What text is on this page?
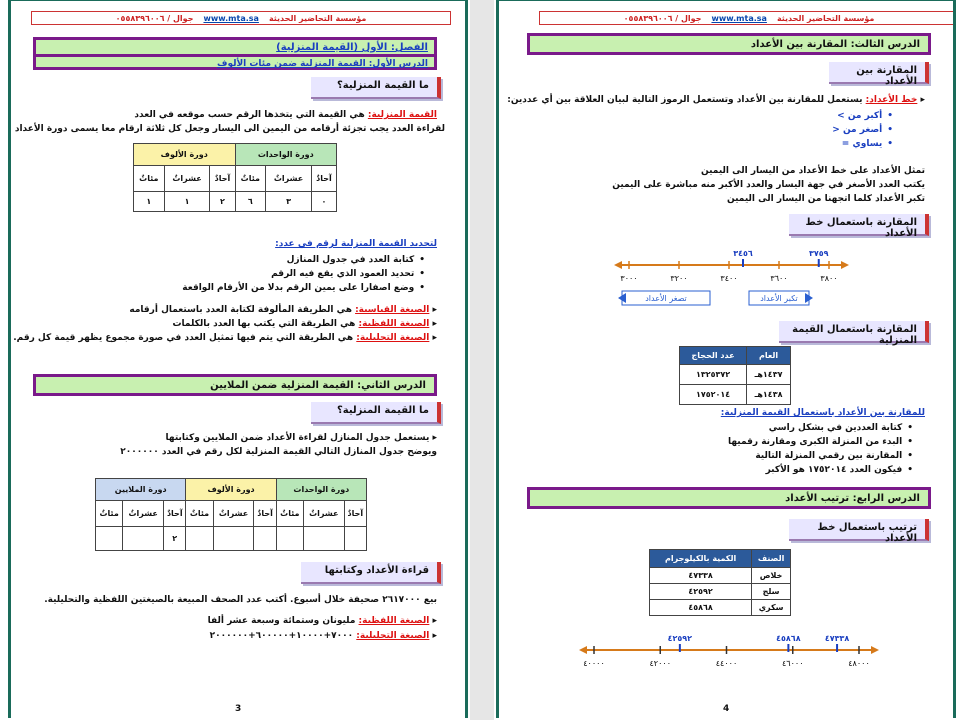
مؤسسة التحاضير الحديثة
www.mta.sa
جوال / ٠٥٥٨٣٩٦٠٠٦
الفصل: الأول (القيمة المنزلية)
الدرس الأول: القيمة المنزلية ضمن مئات الألوف
ما القيمة المنزلية؟
القيمة المنزلية: هي القيمة التي يتخذها الرقم حسب موقعه في العدد
لقراءة العدد يجب تجزئة أرقامه من اليمين الى اليسار وجعل كل ثلاثة ارقام معا يسمى دورة الأعداد
دورة الواحدات			دورة الألوف		
آحادٌ	عشراتٌ	مئاتٌ	آحادٌ	عشراتٌ	مئاتٌ
٠	٣	٦	٢	١	١
لتحديد القيمة المنزلية لرقم في عدد:
• كتابة العدد في جدول المنازل
• تحديد العمود الذي يقع فيه الرقم
• وضع اصفارا على يمين الرقم بدلا من الأرقام الواقعة
▸ الصيغة القياسية: هي الطريقة المألوفة لكتابة العدد باستعمال أرقامه
▸ الصيغة اللفظية: هي الطريقة التي يكتب بها العدد بالكلمات
▸ الصيغة التحليلية: هي الطريقة التي يتم فيها تمثيل العدد في صورة مجموع يظهر قيمة كل رقم.
الدرس الثاني: القيمة المنزلية ضمن الملايين
ما القيمة المنزلية؟
▸ يستعمل جدول المنازل لقراءة الأعداد ضمن الملايين وكتابتها
ويوضح جدول المنازل التالي القيمة المنزلية لكل رقم في العدد ٢٠٠٠٠٠٠
دورة الواحدات			دورة الألوف			دورة الملايين		
آحادٌ	عشراتٌ	مئاتٌ	آحادٌ	عشراتٌ	مئاتٌ	آحادٌ	عشراتٌ	مئاتٌ
						٢		
قراءة الأعداد وكتابتها
بيع ٢٦١٧٠٠٠ صحيفة خلال أسبوع. أكتب عدد الصحف المبيعة بالصيغتين اللفظية والتحليلية.
▸ الصيغة اللفظية: مليونان وستمائة وسبعة عشر ألفا
▸ الصيغة التحليلية: ٧٠٠٠+١٠٠٠٠+٦٠٠٠٠٠+٢٠٠٠٠٠٠
3
مؤسسة التحاضير الحديثة
www.mta.sa
جوال / ٠٥٥٨٣٩٦٠٠٦
الدرس الثالث: المقارنة بين الأعداد
المقارنة بين الأعداد
▸ خط الأعداد: يستعمل للمقارنة بين الأعداد وتستعمل الرموز التالية لبيان العلاقة بين أي عددين:
• أكبر من >
• أصغر من <
• يساوي =
تمثل الأعداد على خط الأعداد من اليسار الى اليمين
يكتب العدد الأصغر في جهة اليسار والعدد الأكبر منه مباشرة على اليمين
تكبر الأعداد كلما اتجهنا من اليسار الى اليمين
المقارنة باستعمال خط الأعداد
٣٠٠٠	٣٢٠٠	٣٤٠٠	٣٦٠٠	٣٨٠٠
٣٤٥٦	٣٧٥٩
تصغر الأعداد	تكبر الأعداد
المقارنة باستعمال القيمة المنزلية
العام	عدد الحجاج
١٤٣٧هـ	١٣٢٥٣٧٢
١٤٣٨هـ	١٧٥٢٠١٤
للمقارنة بين الأعداد باستعمال القيمة المنزلية:
• كتابة العددين في بشكل راسي
• البدء من المنزلة الكبرى ومقارنة رقميها
• المقارنة بين رقمي المنزلة التالية
• فيكون العدد ١٧٥٢٠١٤ هو الأكبر
الدرس الرابع: ترتيب الأعداد
ترتيب باستعمال خط الأعداد
الصنف	الكمية بالكيلوجرام
خلاص	٤٧٣٣٨
سلج	٤٢٥٩٢
سكري	٤٥٨٦٨
٤٠٠٠٠	٤٢٠٠٠	٤٤٠٠٠	٤٦٠٠٠	٤٨٠٠٠
٤٢٥٩٢	٤٥٨٦٨	٤٧٣٣٨
4
